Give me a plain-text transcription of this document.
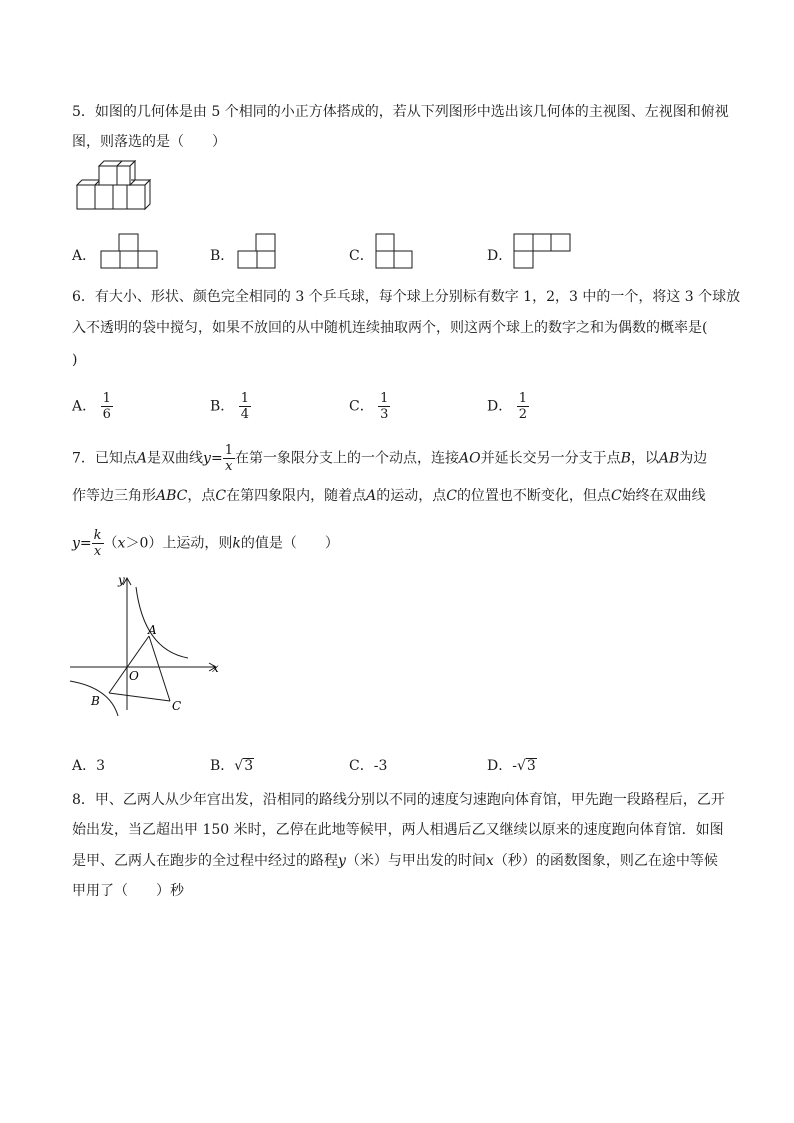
5．如图的几何体是由 5 个相同的小正方体搭成的，若从下列图形中选出该几何体的主视图、左视图和俯视
图，则落选的是（　　）
A．	B．	C．	D．
6．有大小、形状、颜色完全相同的 3 个乒乓球，每个球上分别标有数字 1，2，3 中的一个，将这 3 个球放
入不透明的袋中搅匀，如果不放回的从中随机连续抽取两个，则这两个球上的数字之和为偶数的概率是(
)
A． $\frac{1}{6}$	B． $\frac{1}{4}$	C． $\frac{1}{3}$	D． $\frac{1}{2}$
7．已知点A是双曲线$y= \frac{1}{x}$ 在第一象限分支上的一个动点，连接AO并延长交另一分支于点B，以AB为边
作等边三角形ABC，点C在第四象限内，随着点A的运动，点C的位置也不断变化，但点C始终在双曲线
$y= \frac{k}{x} (x>0)$上运动，则k的值是（　　）
y
x
O
A
B	C
A．3	B．√3	C．-3	D．-√3
8．甲、乙两人从少年宫出发，沿相同的路线分别以不同的速度匀速跑向体育馆，甲先跑一段路程后，乙开
始出发，当乙超出甲 150 米时，乙停在此地等候甲，两人相遇后乙又继续以原来的速度跑向体育馆．如图
是甲、乙两人在跑步的全过程中经过的路程y（米）与甲出发的时间x（秒）的函数图象，则乙在途中等候
甲用了（　　）秒
